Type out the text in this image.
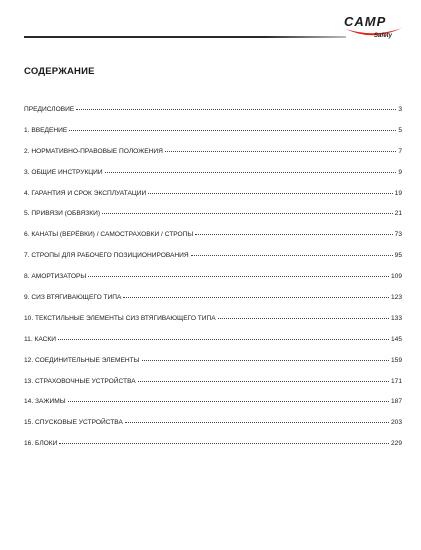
CAMP
Safety
СОДЕРЖАНИЕ
ПРЕДИСЛОВИЕ	3
1. ВВЕДЕНИЕ	5
2. НОРМАТИВНО-ПРАВОВЫЕ ПОЛОЖЕНИЯ	7
3. ОБЩИЕ ИНСТРУКЦИИ	9
4. ГАРАНТИЯ И СРОК ЭКСПЛУАТАЦИИ	19
5. ПРИВЯЗИ (ОБВЯЗКИ)	21
6. КАНАТЫ (ВЕРЁВКИ) / САМОСТРАХОВКИ / СТРОПЫ	73
7. СТРОПЫ ДЛЯ РАБОЧЕГО ПОЗИЦИОНИРОВАНИЯ	95
8. АМОРТИЗАТОРЫ	109
9. СИЗ ВТЯГИВАЮЩЕГО ТИПА	123
10. ТЕКСТИЛЬНЫЕ ЭЛЕМЕНТЫ СИЗ ВТЯГИВАЮЩЕГО ТИПА	133
11. КАСКИ	145
12. СОЕДИНИТЕЛЬНЫЕ ЭЛЕМЕНТЫ	159
13. СТРАХОВОЧНЫЕ УСТРОЙСТВА	171
14. ЗАЖИМЫ	187
15. СПУСКОВЫЕ УСТРОЙСТВА	203
16. БЛОКИ	229
